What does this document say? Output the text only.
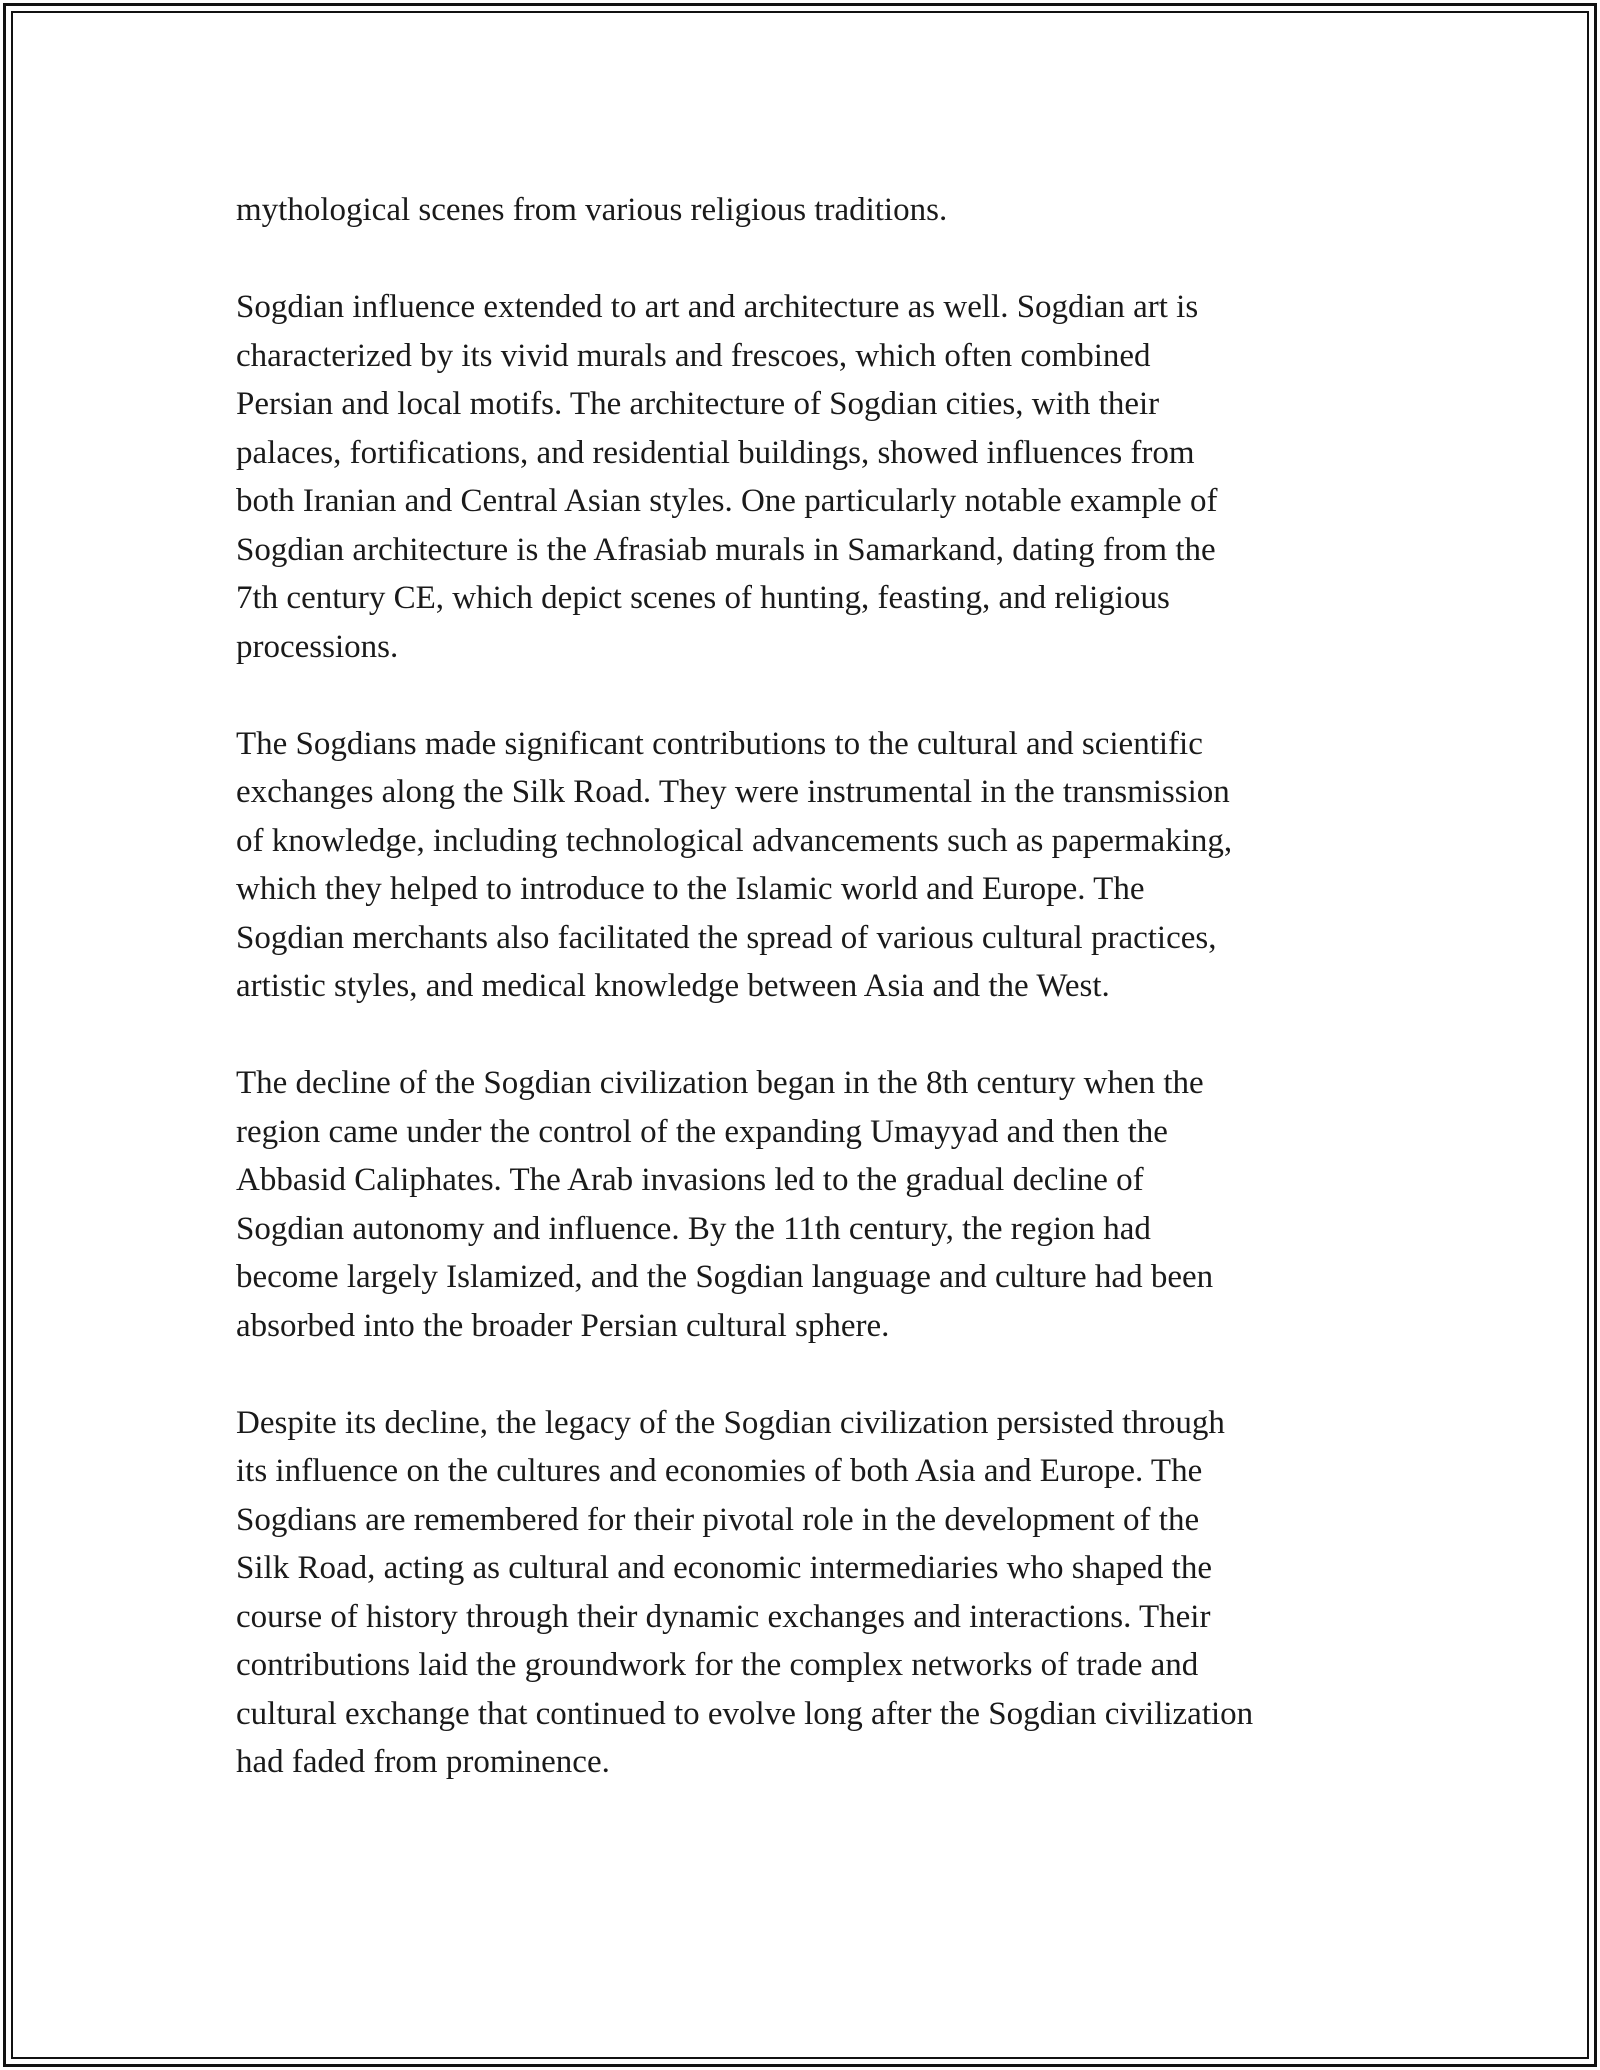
mythological scenes from various religious traditions.
Sogdian influence extended to art and architecture as well. Sogdian art is
characterized by its vivid murals and frescoes, which often combined
Persian and local motifs. The architecture of Sogdian cities, with their
palaces, fortifications, and residential buildings, showed influences from
both Iranian and Central Asian styles. One particularly notable example of
Sogdian architecture is the Afrasiab murals in Samarkand, dating from the
7th century CE, which depict scenes of hunting, feasting, and religious
processions.
The Sogdians made significant contributions to the cultural and scientific
exchanges along the Silk Road. They were instrumental in the transmission
of knowledge, including technological advancements such as papermaking,
which they helped to introduce to the Islamic world and Europe. The
Sogdian merchants also facilitated the spread of various cultural practices,
artistic styles, and medical knowledge between Asia and the West.
The decline of the Sogdian civilization began in the 8th century when the
region came under the control of the expanding Umayyad and then the
Abbasid Caliphates. The Arab invasions led to the gradual decline of
Sogdian autonomy and influence. By the 11th century, the region had
become largely Islamized, and the Sogdian language and culture had been
absorbed into the broader Persian cultural sphere.
Despite its decline, the legacy of the Sogdian civilization persisted through
its influence on the cultures and economies of both Asia and Europe. The
Sogdians are remembered for their pivotal role in the development of the
Silk Road, acting as cultural and economic intermediaries who shaped the
course of history through their dynamic exchanges and interactions. Their
contributions laid the groundwork for the complex networks of trade and
cultural exchange that continued to evolve long after the Sogdian civilization
had faded from prominence.
